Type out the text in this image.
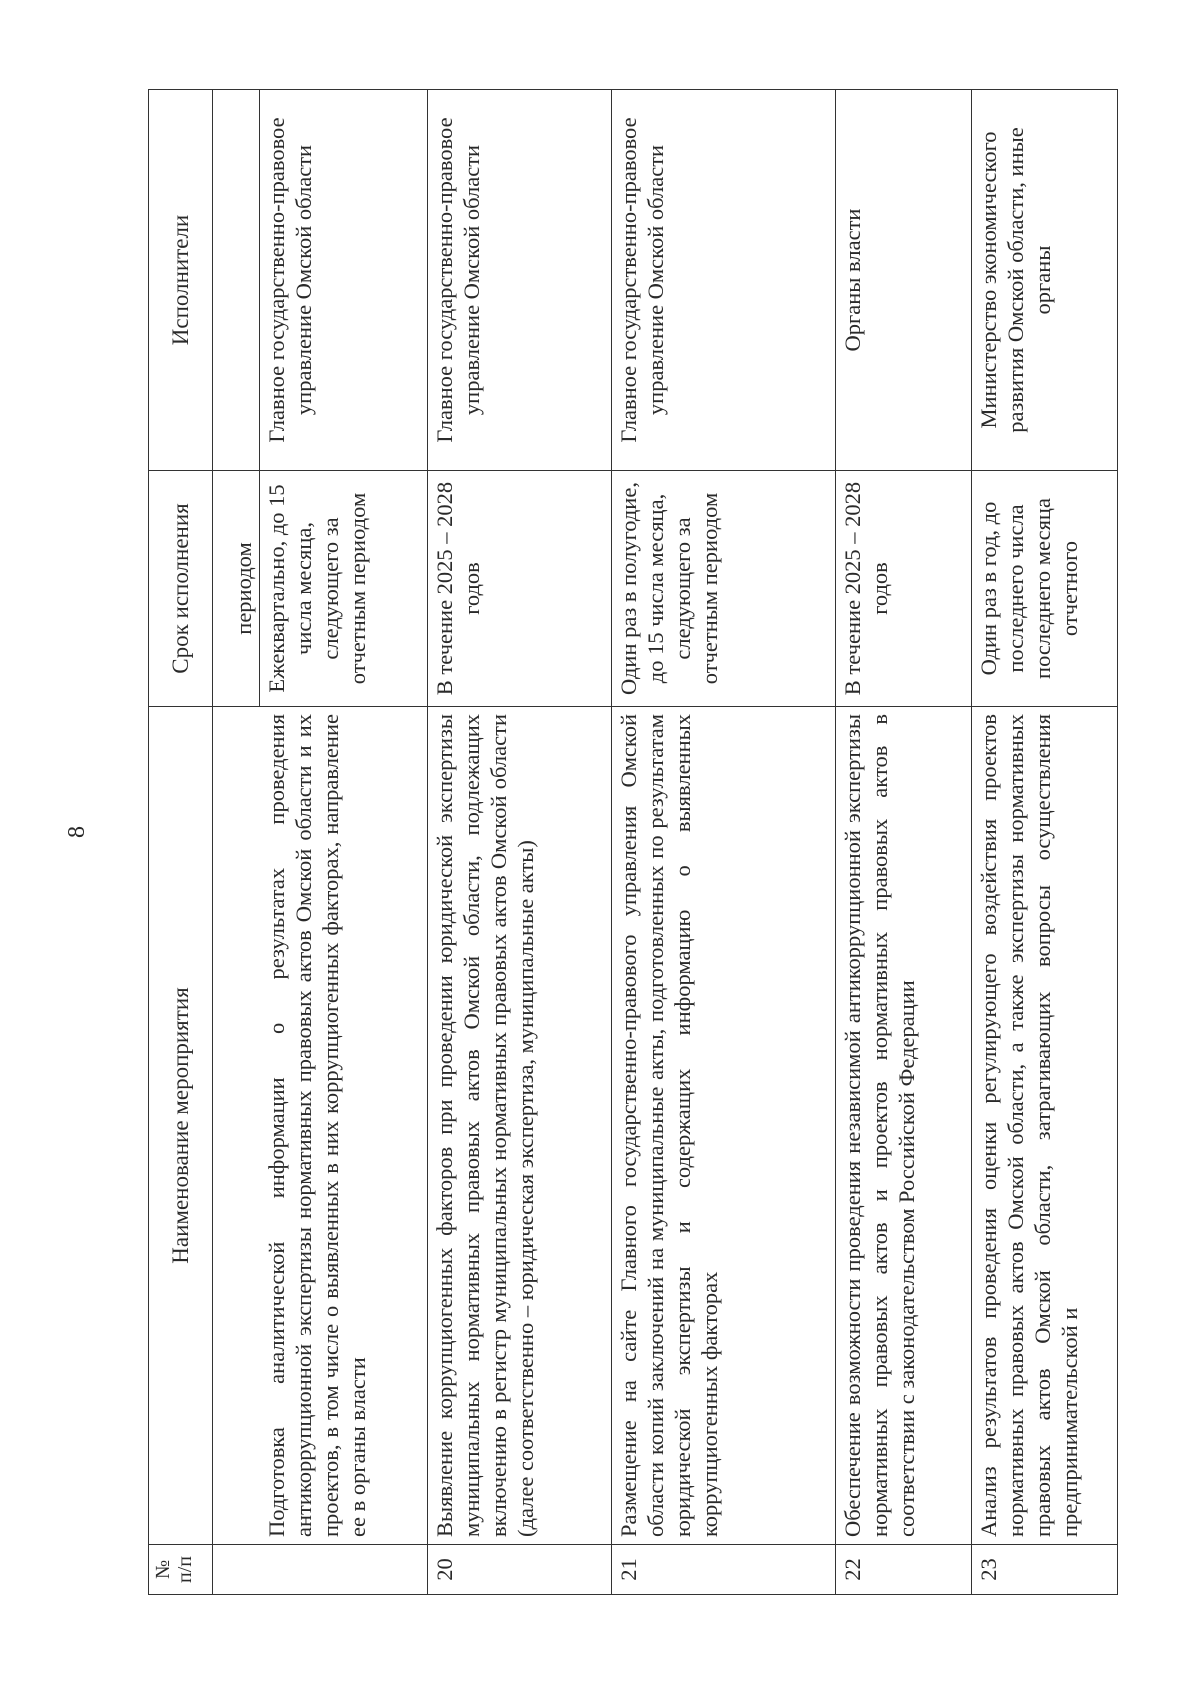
8
№
п/п	Наименование мероприятия	Срок исполнения	Исполнители
		периодом	
	Подготовка аналитической информации о результатах проведения антикоррупционной экспертизы нормативных правовых актов Омской области и их проектов, в том числе о выявленных в них коррупциогенных факторах, направление ее в органы власти	Ежеквартально, до 15 числа месяца, следующего за отчетным периодом	Главное государственно-правовое управление Омской области
20	Выявление коррупциогенных факторов при проведении юридической экспертизы муниципальных нормативных правовых актов Омской области, подлежащих включению в регистр муниципальных нормативных правовых актов Омской области (далее соответственно – юридическая экспертиза, муниципальные акты)	В течение 2025 – 2028 годов	Главное государственно-правовое управление Омской области
21	Размещение на сайте Главного государственно-правового управления Омской области копий заключений на муниципальные акты, подготовленных по результатам юридической экспертизы и содержащих информацию о выявленных коррупциогенных факторах	Один раз в полугодие, до 15 числа месяца, следующего за отчетным периодом	Главное государственно-правовое управление Омской области
22	Обеспечение возможности проведения независимой антикоррупционной экспертизы нормативных правовых актов и проектов нормативных правовых актов в соответствии с законодательством Российской Федерации	В течение 2025 – 2028 годов	Органы власти
23	Анализ результатов проведения оценки регулирующего воздействия проектов нормативных правовых актов Омской области, а также экспертизы нормативных правовых актов Омской области, затрагивающих вопросы осуществления предпринимательской и	Один раз в год, до последнего числа последнего месяца отчетного	Министерство экономического развития Омской области, иные органы
